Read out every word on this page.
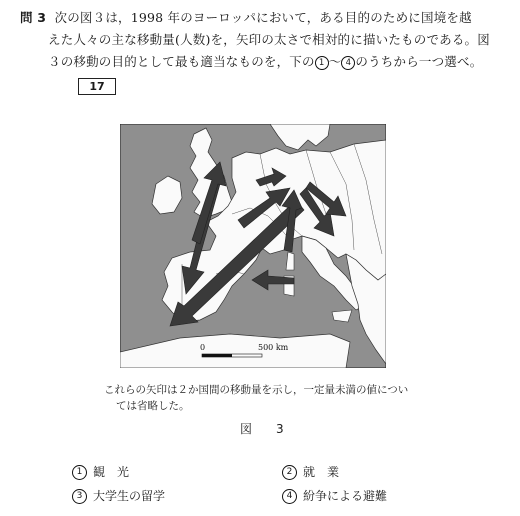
問 3 次の図３は，1998 年のヨーロッパにおいて，ある目的のために国境を越
えた人々の主な移動量(人数)を，矢印の太さで相対的に描いたものである。図
３の移動の目的として最も適当なものを，下の 1 〜 4 のうちから一つ選べ。
17
0	500 km
これらの矢印は２か国間の移動量を示し，一定量未満の値につい
ては省略した。
図　3
1 観　光	2 就　業
3 大学生の留学	4 紛争による避難
